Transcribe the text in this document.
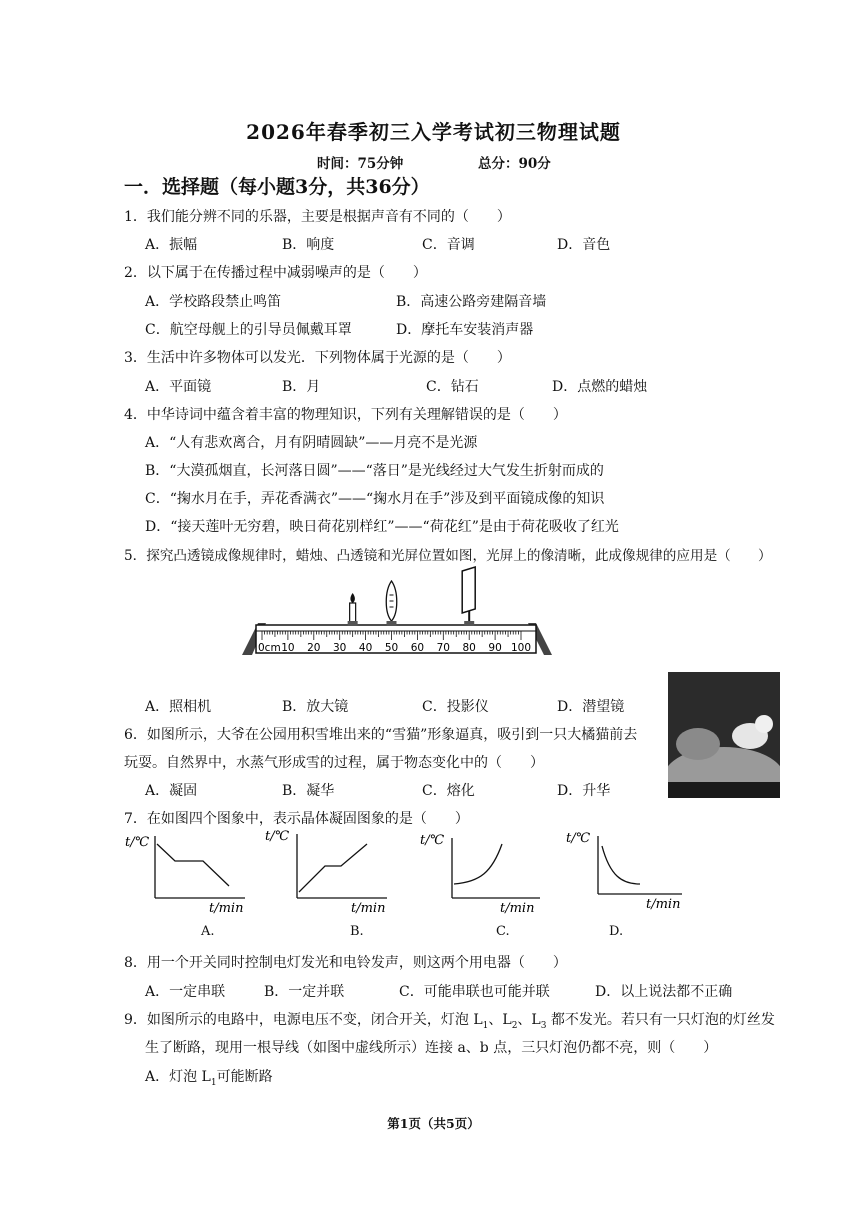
2026年春季初三入学考试初三物理试题
时间：75分钟	总分：90分
一．选择题（每小题3分，共36分）
1．我们能分辨不同的乐器，主要是根据声音有不同的（　　）
A．振幅	B．响度	C．音调	D．音色
2．以下属于在传播过程中减弱噪声的是（　　）
A．学校路段禁止鸣笛	B．高速公路旁建隔音墙
C．航空母舰上的引导员佩戴耳罩	D．摩托车安装消声器
3．生活中许多物体可以发光．下列物体属于光源的是（　　）
A．平面镜	B．月	C．钻石	D．点燃的蜡烛
4．中华诗词中蕴含着丰富的物理知识，下列有关理解错误的是（　　）
A．“人有悲欢离合，月有阴晴圆缺”——月亮不是光源
B．“大漠孤烟直，长河落日圆”——“落日”是光线经过大气发生折射而成的
C．“掬水月在手，弄花香满衣”——“掬水月在手”涉及到平面镜成像的知识
D．“接天莲叶无穷碧，映日荷花别样红”——“荷花红”是由于荷花吸收了红光
5．探究凸透镜成像规律时，蜡烛、凸透镜和光屏位置如图，光屏上的像清晰，此成像规律的应用是（　　）
0cm 10 20 30 40 50 60 70 80 90 100
A．照相机	B．放大镜	C．投影仪	D．潜望镜
6．如图所示，大爷在公园用积雪堆出来的“雪猫”形象逼真，吸引到一只大橘猫前去
玩耍。自然界中，水蒸气形成雪的过程，属于物态变化中的（　　）
A．凝固	B．凝华	C．熔化	D．升华
7．在如图四个图象中，表示晶体凝固图象的是（　　）
t/℃
t/min
A.
t/℃
t/min
B.
t/℃
t/min
C.
t/℃
t/min
D.
8．用一个开关同时控制电灯发光和电铃发声，则这两个用电器（　　）
A．一定串联	B．一定并联	C．可能串联也可能并联	D．以上说法都不正确
9．如图所示的电路中，电源电压不变，闭合开关，灯泡 $L_1$、$L_2$、$L_3$ 都不发光。若只有一只灯泡的灯丝发
生了断路，现用一根导线（如图中虚线所示）连接 a、b 点，三只灯泡仍都不亮，则（　　）
A．灯泡 $L_1$可能断路
第1页（共5页）
